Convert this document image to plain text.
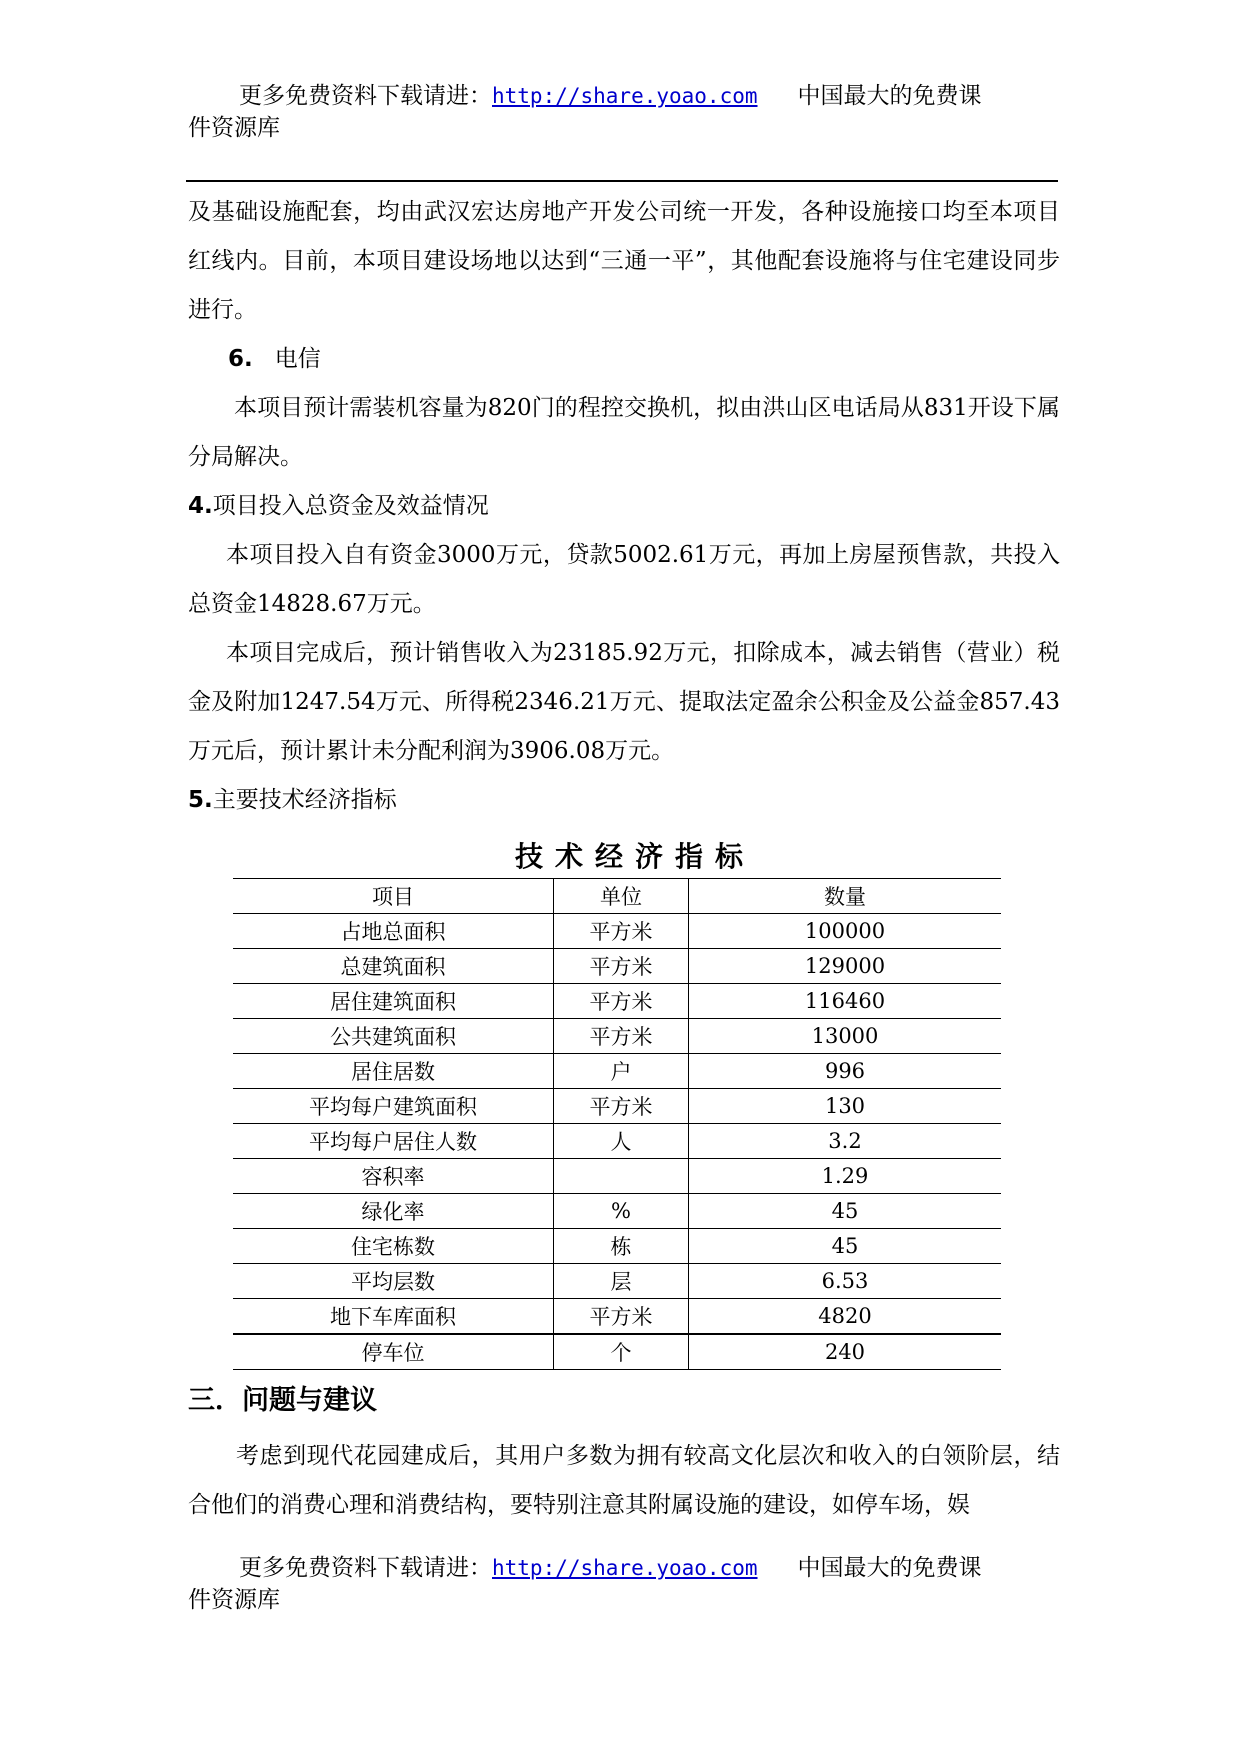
更多免费资料下载请进：http://share.yoao.com 中国最大的免费课
件资源库

及基础设施配套，均由武汉宏达房地产开发公司统一开发，各种设施接口均至本项目红线内。目前，本项目建设场地以达到“三通一平”，其他配套设施将与住宅建设同步进行。

6. 电信

本项目预计需装机容量为820门的程控交换机，拟由洪山区电话局从831开设下属分局解决。

4.项目投入总资金及效益情况

本项目投入自有资金3000万元，贷款5002.61万元，再加上房屋预售款，共投入总资金14828.67万元。

本项目完成后，预计销售收入为23185.92万元，扣除成本，减去销售（营业）税金及附加1247.54万元、所得税2346.21万元、提取法定盈余公积金及公益金857.43万元后，预计累计未分配利润为3906.08万元。

5.主要技术经济指标
技术经济指标
项目	单位	数量
占地总面积	平方米	100000
总建筑面积	平方米	129000
居住建筑面积	平方米	116460
公共建筑面积	平方米	13000
居住居数	户	996
平均每户建筑面积	平方米	130
平均每户居住人数	人	3.2
容积率		1.29
绿化率	%	45
住宅栋数	栋	45
平均层数	层	6.53
地下车库面积	平方米	4820
停车位	个	240
三．问题与建议

考虑到现代花园建成后，其用户多数为拥有较高文化层次和收入的白领阶层，结合他们的消费心理和消费结构，要特别注意其附属设施的建设，如停车场，娱

更多免费资料下载请进：http://share.yoao.com 中国最大的免费课
件资源库
